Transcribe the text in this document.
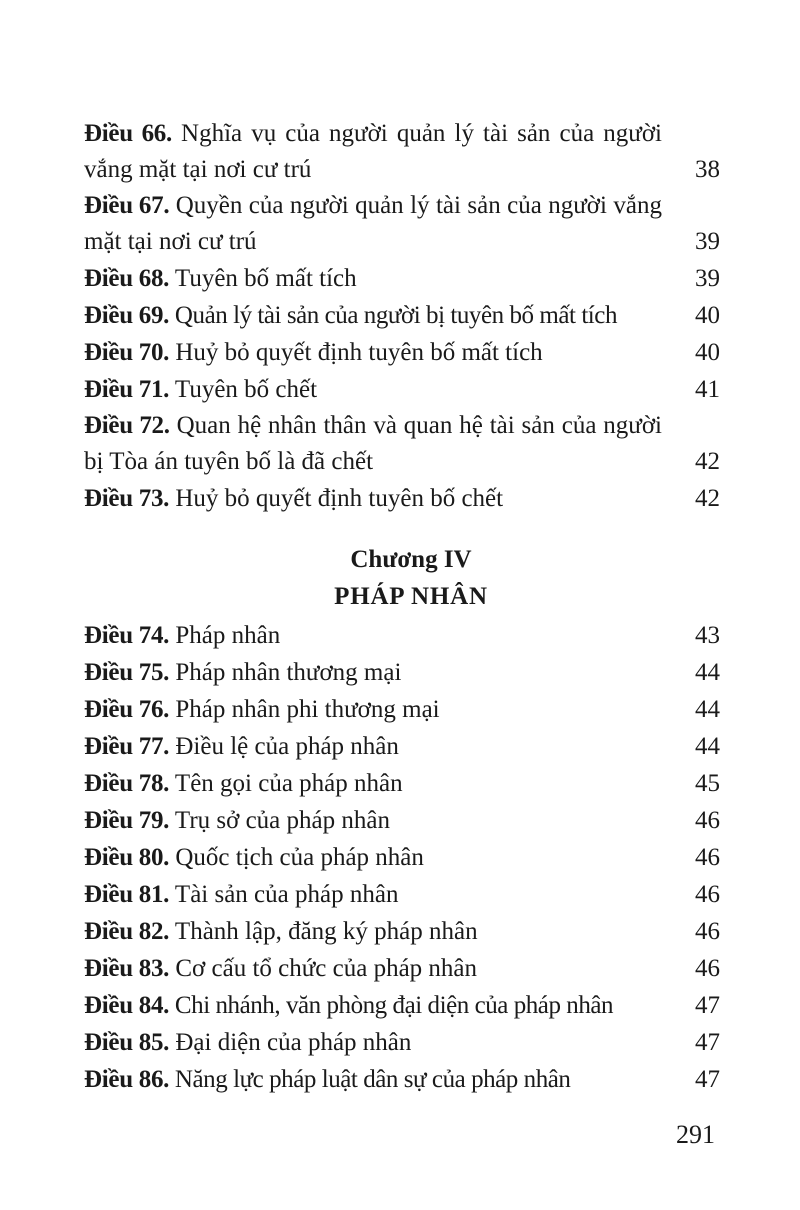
Điều 66. Nghĩa vụ của người quản lý tài sản của người vắng mặt tại nơi cư trú	38
Điều 67. Quyền của người quản lý tài sản của người vắng mặt tại nơi cư trú	39
Điều 68. Tuyên bố mất tích	39
Điều 69. Quản lý tài sản của người bị tuyên bố mất tích	40
Điều 70. Huỷ bỏ quyết định tuyên bố mất tích	40
Điều 71. Tuyên bố chết	41
Điều 72. Quan hệ nhân thân và quan hệ tài sản của người bị Tòa án tuyên bố là đã chết	42
Điều 73. Huỷ bỏ quyết định tuyên bố chết	42
Chương IV
PHÁP NHÂN
Điều 74. Pháp nhân	43
Điều 75. Pháp nhân thương mại	44
Điều 76. Pháp nhân phi thương mại	44
Điều 77. Điều lệ của pháp nhân	44
Điều 78. Tên gọi của pháp nhân	45
Điều 79. Trụ sở của pháp nhân	46
Điều 80. Quốc tịch của pháp nhân	46
Điều 81. Tài sản của pháp nhân	46
Điều 82. Thành lập, đăng ký pháp nhân	46
Điều 83. Cơ cấu tổ chức của pháp nhân	46
Điều 84. Chi nhánh, văn phòng đại diện của pháp nhân	47
Điều 85. Đại diện của pháp nhân	47
Điều 86. Năng lực pháp luật dân sự của pháp nhân	47
291
